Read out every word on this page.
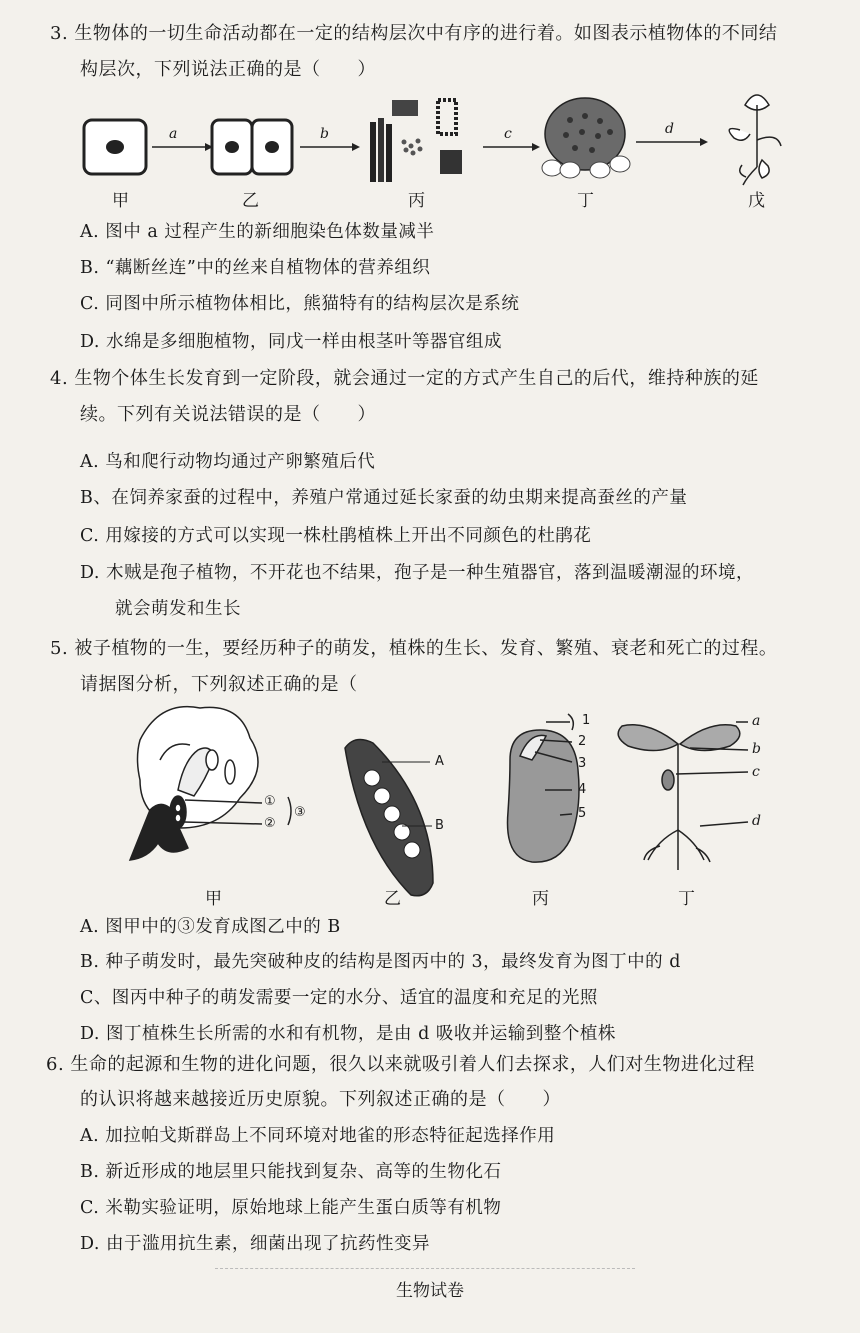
3. 生物体的一切生命活动都在一定的结构层次中有序的进行着。如图表示植物体的不同结
构层次，下列说法正确的是（　　）
a	b	c	d
甲	乙	丙	丁	戊
A. 图中 a 过程产生的新细胞染色体数量减半
B. “藕断丝连”中的丝来自植物体的营养组织
C. 同图中所示植物体相比，熊猫特有的结构层次是系统
D. 水绵是多细胞植物，同戊一样由根茎叶等器官组成
4. 生物个体生长发育到一定阶段，就会通过一定的方式产生自己的后代，维持种族的延
续。下列有关说法错误的是（　　）
A. 鸟和爬行动物均通过产卵繁殖后代
B、在饲养家蚕的过程中，养殖户常通过延长家蚕的幼虫期来提高蚕丝的产量
C. 用嫁接的方式可以实现一株杜鹃植株上开出不同颜色的杜鹃花
D. 木贼是孢子植物，不开花也不结果，孢子是一种生殖器官，落到温暖潮湿的环境，
就会萌发和生长
5. 被子植物的一生，要经历种子的萌发，植株的生长、发育、繁殖、衰老和死亡的过程。
请据图分析，下列叙述正确的是（
①
②
③
A
B
1
2
3
4
5
a
b
c
d
甲	乙	丙	丁
A. 图甲中的③发育成图乙中的 B
B. 种子萌发时，最先突破种皮的结构是图丙中的 3，最终发育为图丁中的 d
C、图丙中种子的萌发需要一定的水分、适宜的温度和充足的光照
D. 图丁植株生长所需的水和有机物，是由 d 吸收并运输到整个植株
6. 生命的起源和生物的进化问题，很久以来就吸引着人们去探求，人们对生物进化过程
的认识将越来越接近历史原貌。下列叙述正确的是（　　）
A. 加拉帕戈斯群岛上不同环境对地雀的形态特征起选择作用
B. 新近形成的地层里只能找到复杂、高等的生物化石
C. 米勒实验证明，原始地球上能产生蛋白质等有机物
D. 由于滥用抗生素，细菌出现了抗药性变异
生物试卷
